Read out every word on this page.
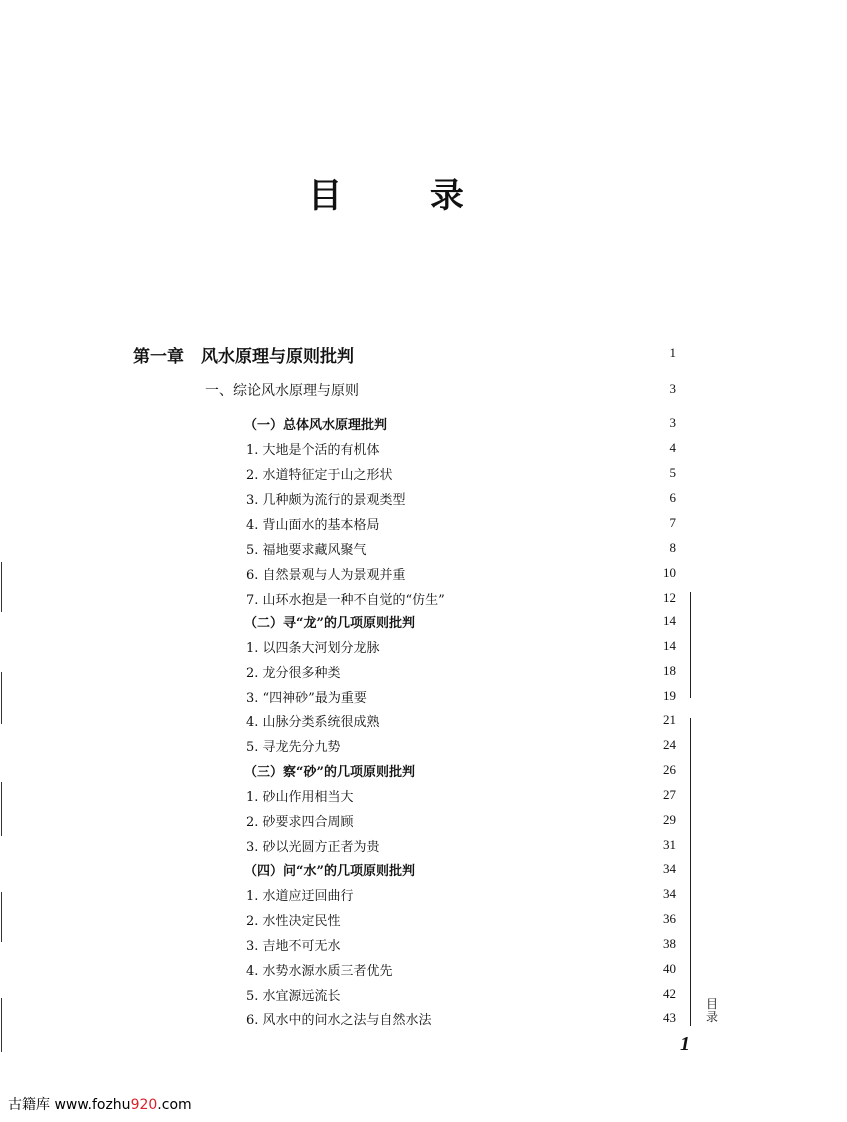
目 录
第一章　风水原理与原则批判	1
一、综论风水原理与原则	3
（一）总体风水原理批判	3
1. 大地是个活的有机体	4
2. 水道特征定于山之形状	5
3. 几种颇为流行的景观类型	6
4. 背山面水的基本格局	7
5. 福地要求藏风聚气	8
6. 自然景观与人为景观并重	10
7. 山环水抱是一种不自觉的“仿生”	12
（二）寻“龙”的几项原则批判	14
1. 以四条大河划分龙脉	14
2. 龙分很多种类	18
3. “四神砂”最为重要	19
4. 山脉分类系统很成熟	21
5. 寻龙先分九势	24
（三）察“砂”的几项原则批判	26
1. 砂山作用相当大	27
2. 砂要求四合周顾	29
3. 砂以光圆方正者为贵	31
（四）问“水”的几项原则批判	34
1. 水道应迂回曲行	34
2. 水性决定民性	36
3. 吉地不可无水	38
4. 水势水源水质三者优先	40
5. 水宜源远流长	42
6. 风水中的问水之法与自然水法	43
目录
1
古籍库 www.fozhu920.com
